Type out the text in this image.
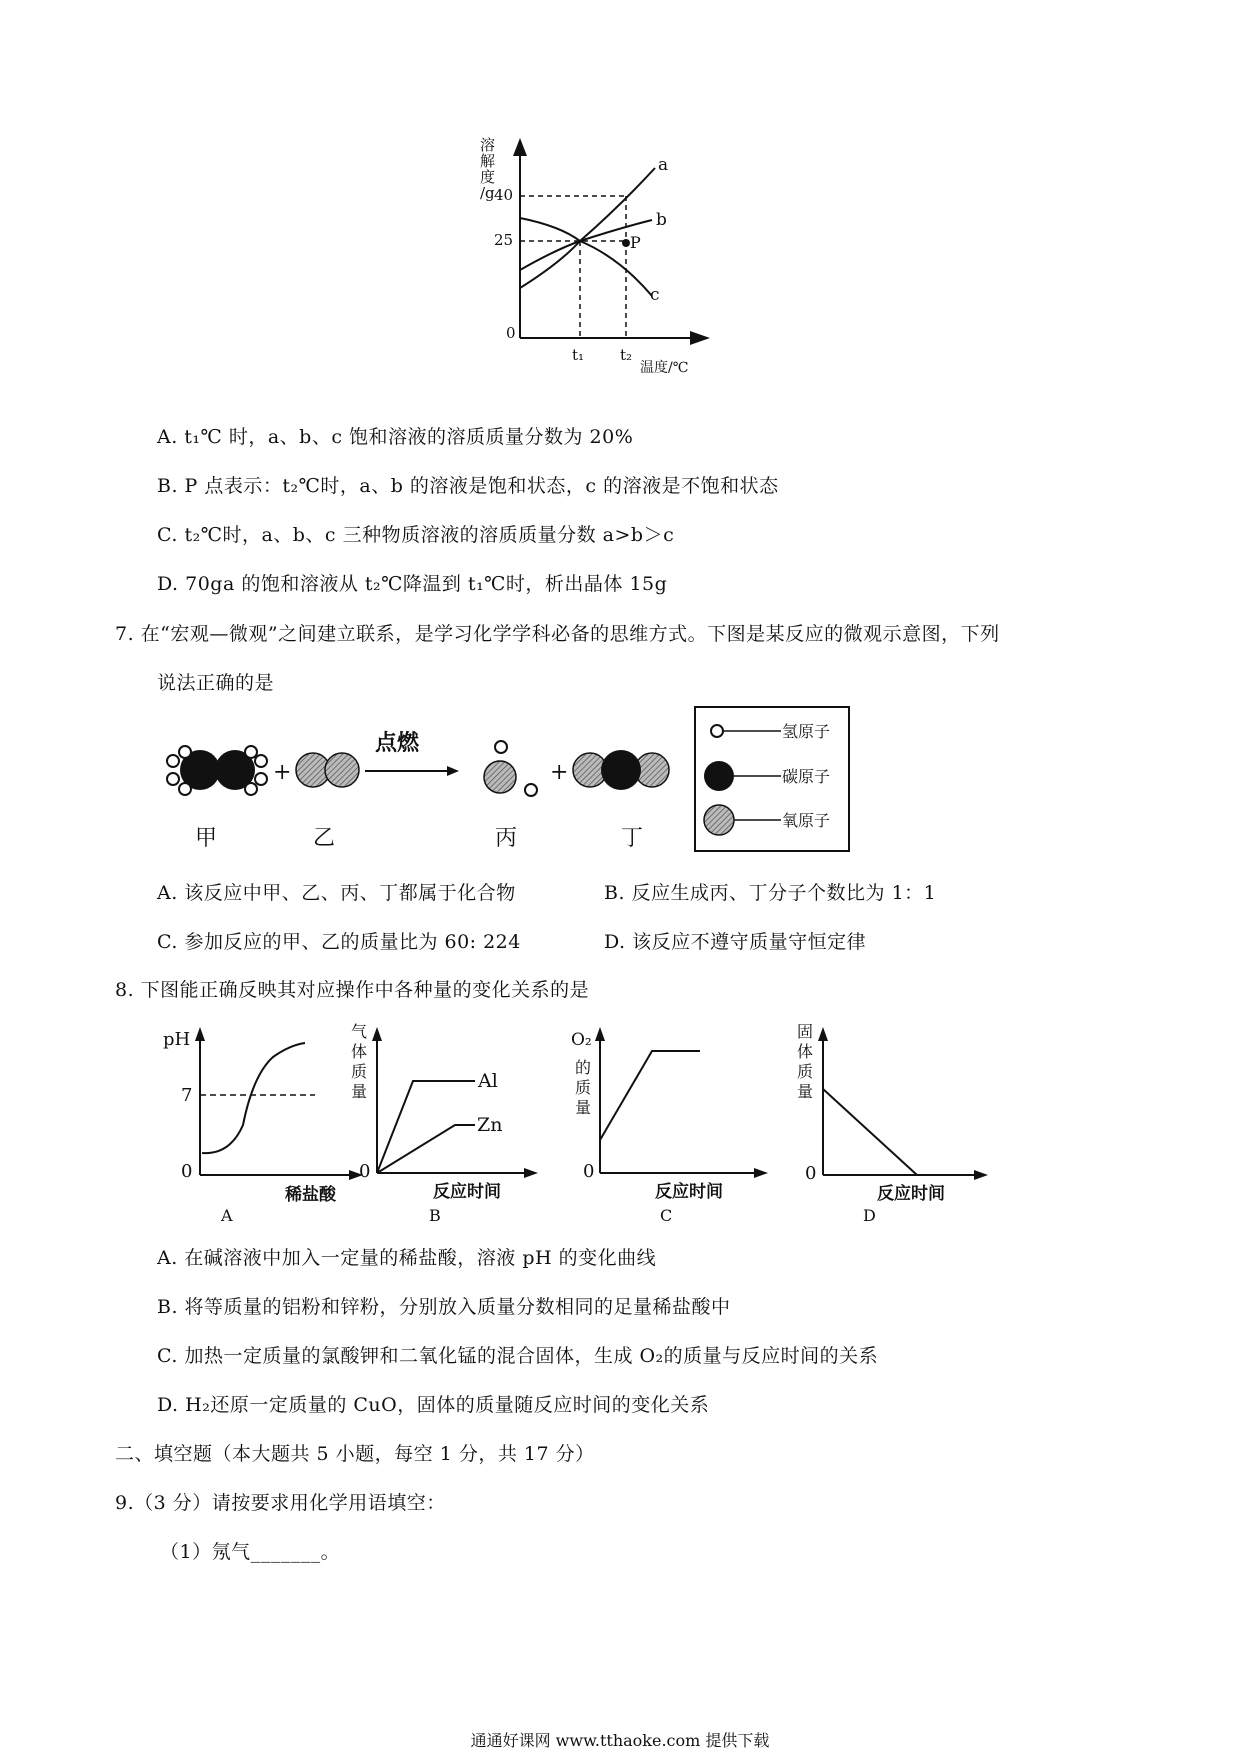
溶解度/g 40
25
0
P
a
b
c
t₁ t₂
温度/℃
A. t₁℃ 时，a、b、c 饱和溶液的溶质质量分数为 20%
B. P 点表示：t₂℃时，a、b 的溶液是饱和状态，c 的溶液是不饱和状态
C. t₂℃时，a、b、c 三种物质溶液的溶质质量分数 a>b＞c
D. 70ga 的饱和溶液从 t₂℃降温到 t₁℃时，析出晶体 15g
7. 在“宏观—微观”之间建立联系，是学习化学学科必备的思维方式。下图是某反应的微观示意图，下列
说法正确的是
+
点燃
+
甲	乙	丙	丁
氢原子
碳原子
氧原子
A. 该反应中甲、乙、丙、丁都属于化合物	B. 反应生成丙、丁分子个数比为 1：1
C. 参加反应的甲、乙的质量比为 60: 224	D. 该反应不遵守质量守恒定律
8. 下图能正确反映其对应操作中各种量的变化关系的是
pH
7
0
稀盐酸
A
气体质量
0
Al
Zn
反应时间
B
O₂
的质量
0
反应时间
C
固体质量
0
反应时间
D
A. 在碱溶液中加入一定量的稀盐酸，溶液 pH 的变化曲线
B. 将等质量的铝粉和锌粉，分别放入质量分数相同的足量稀盐酸中
C. 加热一定质量的氯酸钾和二氧化锰的混合固体，生成 O₂的质量与反应时间的关系
D. H₂还原一定质量的 CuO，固体的质量随反应时间的变化关系
二、填空题（本大题共 5 小题，每空 1 分，共 17 分）
9.（3 分）请按要求用化学用语填空：
（1）氖气_______。
通通好课网 www.tthaoke.com 提供下载
